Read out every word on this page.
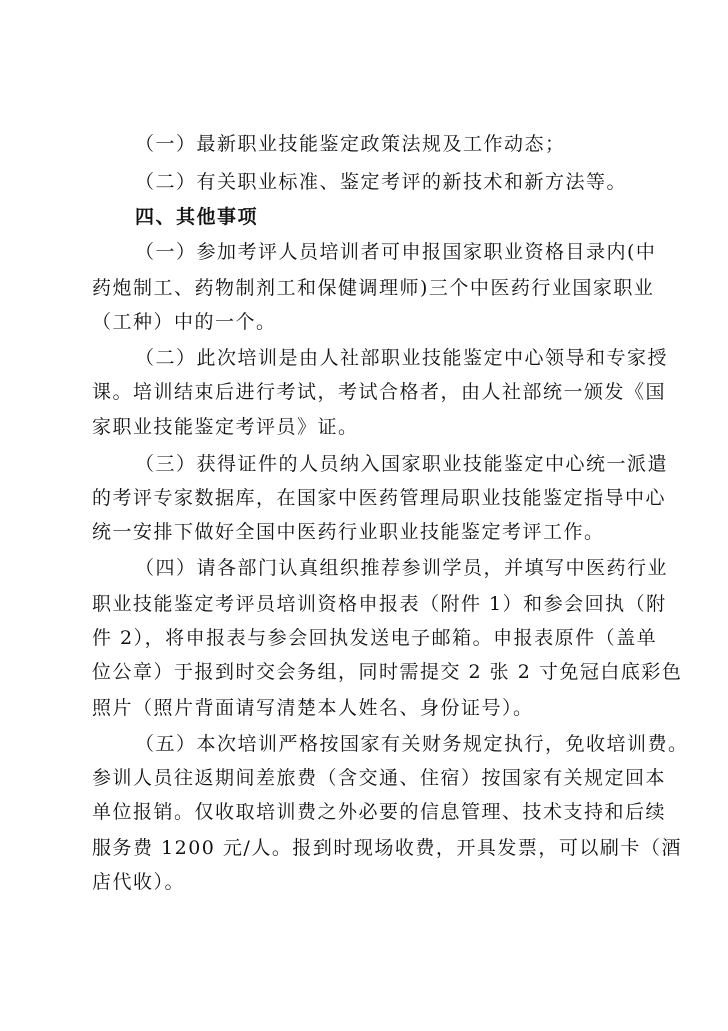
（一）最新职业技能鉴定政策法规及工作动态；
（二）有关职业标准、鉴定考评的新技术和新方法等。
四、其他事项
（一）参加考评人员培训者可申报国家职业资格目录内(中
药炮制工、药物制剂工和保健调理师)三个中医药行业国家职业
（工种）中的一个。
（二）此次培训是由人社部职业技能鉴定中心领导和专家授
课。培训结束后进行考试，考试合格者，由人社部统一颁发《国
家职业技能鉴定考评员》证。
（三）获得证件的人员纳入国家职业技能鉴定中心统一派遣
的考评专家数据库，在国家中医药管理局职业技能鉴定指导中心
统一安排下做好全国中医药行业职业技能鉴定考评工作。
（四）请各部门认真组织推荐参训学员，并填写中医药行业
职业技能鉴定考评员培训资格申报表（附件 1）和参会回执（附
件 2），将申报表与参会回执发送电子邮箱。申报表原件（盖单
位公章）于报到时交会务组，同时需提交 2 张 2 寸免冠白底彩色
照片（照片背面请写清楚本人姓名、身份证号）。
（五）本次培训严格按国家有关财务规定执行，免收培训费。
参训人员往返期间差旅费（含交通、住宿）按国家有关规定回本
单位报销。仅收取培训费之外必要的信息管理、技术支持和后续
服务费 1200 元/人。报到时现场收费，开具发票，可以刷卡（酒
店代收）。
